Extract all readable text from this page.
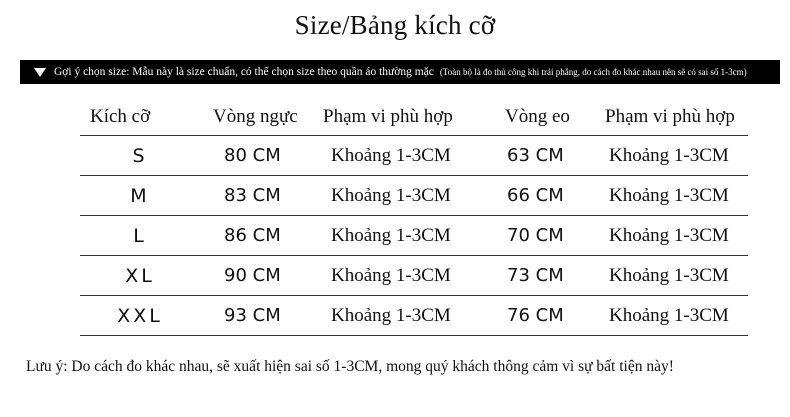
Size/Bảng kích cỡ
Gợi ý chọn size: Mẫu này là size chuẩn, có thể chọn size theo quần áo thường mặc (Toàn bộ là đo thủ công khi trải phẳng, do cách đo khác nhau nên sẽ có sai số 1-3cm)
Kích cỡ	Vòng ngực	Phạm vi phù hợp	Vòng eo	Phạm vi phù hợp
S	80 CM	Khoảng 1-3CM	63 CM	Khoảng 1-3CM
M	83 CM	Khoảng 1-3CM	66 CM	Khoảng 1-3CM
L	86 CM	Khoảng 1-3CM	70 CM	Khoảng 1-3CM
XL	90 CM	Khoảng 1-3CM	73 CM	Khoảng 1-3CM
XXL	93 CM	Khoảng 1-3CM	76 CM	Khoảng 1-3CM
Lưu ý: Do cách đo khác nhau, sẽ xuất hiện sai số 1-3CM, mong quý khách thông cảm vì sự bất tiện này!
